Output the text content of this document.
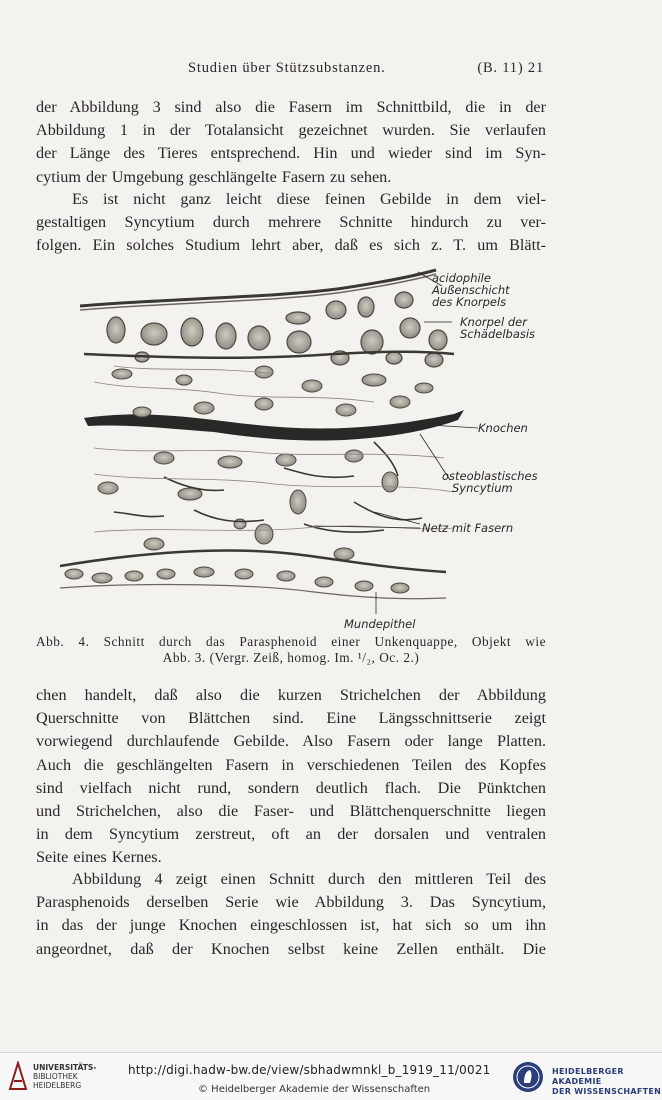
Studien über Stützsubstanzen.	(B. 11) 21

der Abbildung 3 sind also die Fasern im Schnittbild, die in der
Abbildung 1 in der Totalansicht gezeichnet wurden. Sie verlaufen
der Länge des Tieres entsprechend. Hin und wieder sind im Syn-
cytium der Umgebung geschlängelte Fasern zu sehen.

Es ist nicht ganz leicht diese feinen Gebilde in dem viel-
gestaltigen Syncytium durch mehrere Schnitte hindurch zu ver-
folgen. Ein solches Studium lehrt aber, daß es sich z. T. um Blätt-

acidophile
Außenschicht
des Knorpels
Knorpel der
Schädelbasis
Knochen
osteoblastisches
Syncytium
Netz mit Fasern
Mundepithel
Abb. 4. Schnitt durch das Parasphenoid einer Unkenquappe, Objekt wie
Abb. 3. (Vergr. Zeiß, homog. Im. ¹/₂, Oc. 2.)

chen handelt, daß also die kurzen Strichelchen der Abbildung
Querschnitte von Blättchen sind. Eine Längsschnittserie zeigt
vorwiegend durchlaufende Gebilde. Also Fasern oder lange Platten.
Auch die geschlängelten Fasern in verschiedenen Teilen des Kopfes
sind vielfach nicht rund, sondern deutlich flach. Die Pünktchen
und Strichelchen, also die Faser- und Blättchenquerschnitte liegen
in dem Syncytium zerstreut, oft an der dorsalen und ventralen
Seite eines Kernes.

Abbildung 4 zeigt einen Schnitt durch den mittleren Teil des
Parasphenoids derselben Serie wie Abbildung 3. Das Syncytium,
in das der junge Knochen eingeschlossen ist, hat sich so um ihn
angeordnet, daß der Knochen selbst keine Zellen enthält. Die

UNIVERSITÄTS-
BIBLIOTHEK
HEIDELBERG
http://digi.hadw-bw.de/view/sbhadwmnkl_b_1919_11/0021
© Heidelberger Akademie der Wissenschaften
HEIDELBERGER AKADEMIE
DER WISSENSCHAFTEN
